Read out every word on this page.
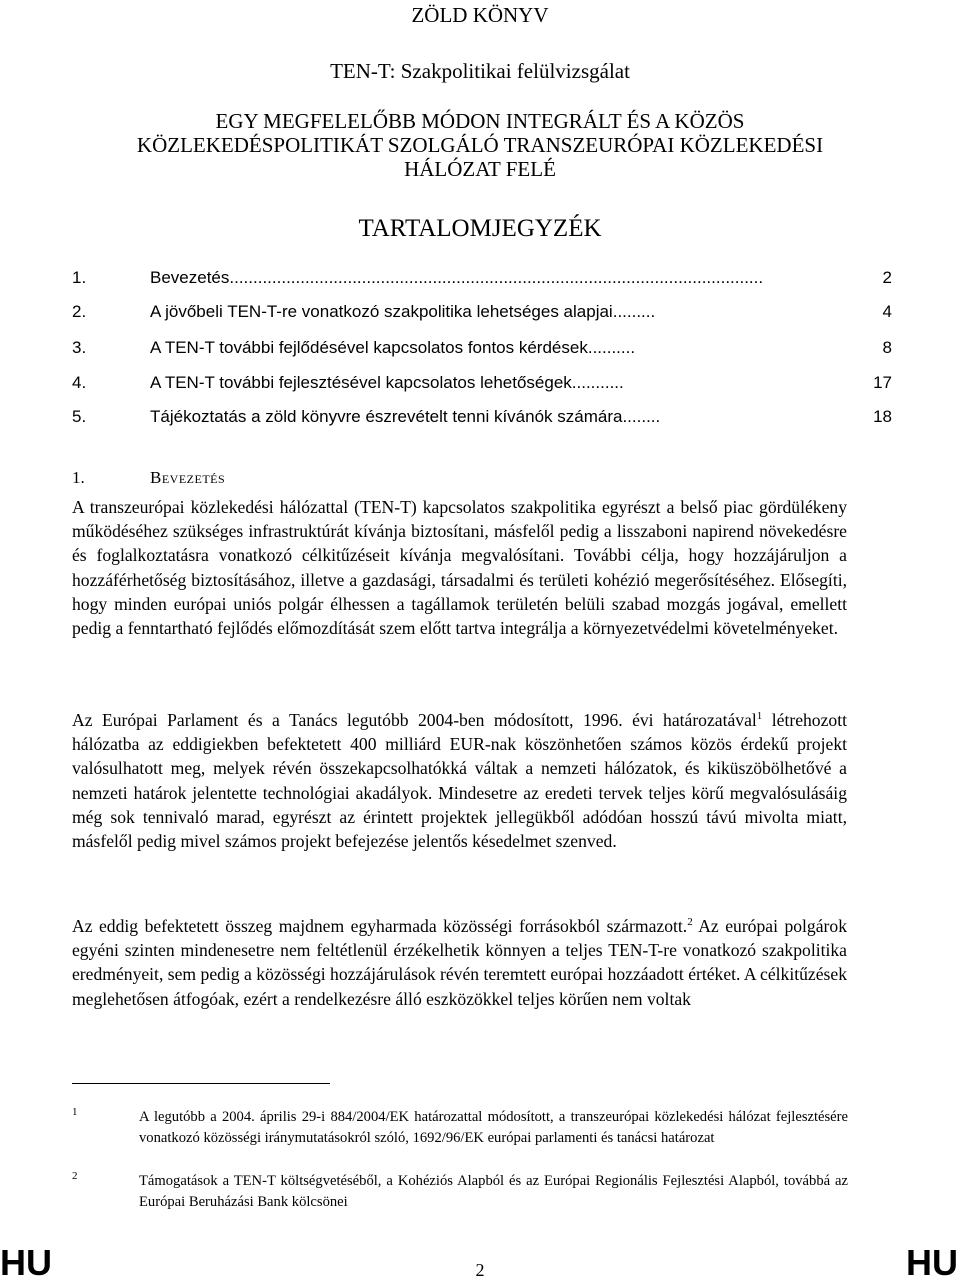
ZÖLD KÖNYV
TEN-T: Szakpolitikai felülvizsgálat
EGY MEGFELELŐBB MÓDON INTEGRÁLT ÉS A KÖZÖS
KÖZLEKEDÉSPOLITIKÁT SZOLGÁLÓ TRANSZEURÓPAI KÖZLEKEDÉSI
HÁLÓZAT FELÉ
TARTALOMJEGYZÉK
1.	Bevezetés.................................................................................................................	2
2.	A jövőbeli TEN-T-re vonatkozó szakpolitika lehetséges alapjai.........	4
3.	A TEN-T további fejlődésével kapcsolatos fontos kérdések..........	8
4.	A TEN-T további fejlesztésével kapcsolatos lehetőségek...........	17
5.	Tájékoztatás a zöld könyvre észrevételt tenni kívánók számára........	18
1.	Bevezetés
A transzeurópai közlekedési hálózattal (TEN-T) kapcsolatos szakpolitika egyrészt a belső piac gördülékeny működéséhez szükséges infrastruktúrát kívánja biztosítani, másfelől pedig a lisszaboni napirend növekedésre és foglalkoztatásra vonatkozó célkitűzéseit kívánja megvalósítani. További célja, hogy hozzájáruljon a hozzáférhetőség biztosításához, illetve a gazdasági, társadalmi és területi kohézió megerősítéséhez. Elősegíti, hogy minden európai uniós polgár élhessen a tagállamok területén belüli szabad mozgás jogával, emellett pedig a fenntartható fejlődés előmozdítását szem előtt tartva integrálja a környezetvédelmi követelményeket.
Az Európai Parlament és a Tanács legutóbb 2004-ben módosított, 1996. évi határozatával$^1$ létrehozott hálózatba az eddigiekben befektetett 400 milliárd EUR-nak köszönhetően számos közös érdekű projekt valósulhatott meg, melyek révén összekapcsolhatókká váltak a nemzeti hálózatok, és kiküszöbölhetővé a nemzeti határok jelentette technológiai akadályok. Mindesetre az eredeti tervek teljes körű megvalósulásáig még sok tennivaló marad, egyrészt az érintett projektek jellegükből adódóan hosszú távú mivolta miatt, másfelől pedig mivel számos projekt befejezése jelentős késedelmet szenved.
Az eddig befektetett összeg majdnem egyharmada közösségi forrásokból származott.$^2$ Az európai polgárok egyéni szinten mindenesetre nem feltétlenül érzékelhetik könnyen a teljes TEN-T-re vonatkozó szakpolitika eredményeit, sem pedig a közösségi hozzájárulások révén teremtett európai hozzáadott értéket. A célkitűzések meglehetősen átfogóak, ezért a rendelkezésre álló eszközökkel teljes körűen nem voltak
1	A legutóbb a 2004. április 29-i 884/2004/EK határozattal módosított, a transzeurópai közlekedési hálózat fejlesztésére vonatkozó közösségi iránymutatásokról szóló, 1692/96/EK európai parlamenti és tanácsi határozat
2	Támogatások a TEN-T költségvetéséből, a Kohéziós Alapból és az Európai Regionális Fejlesztési Alapból, továbbá az Európai Beruházási Bank kölcsönei
HU	2	HU
